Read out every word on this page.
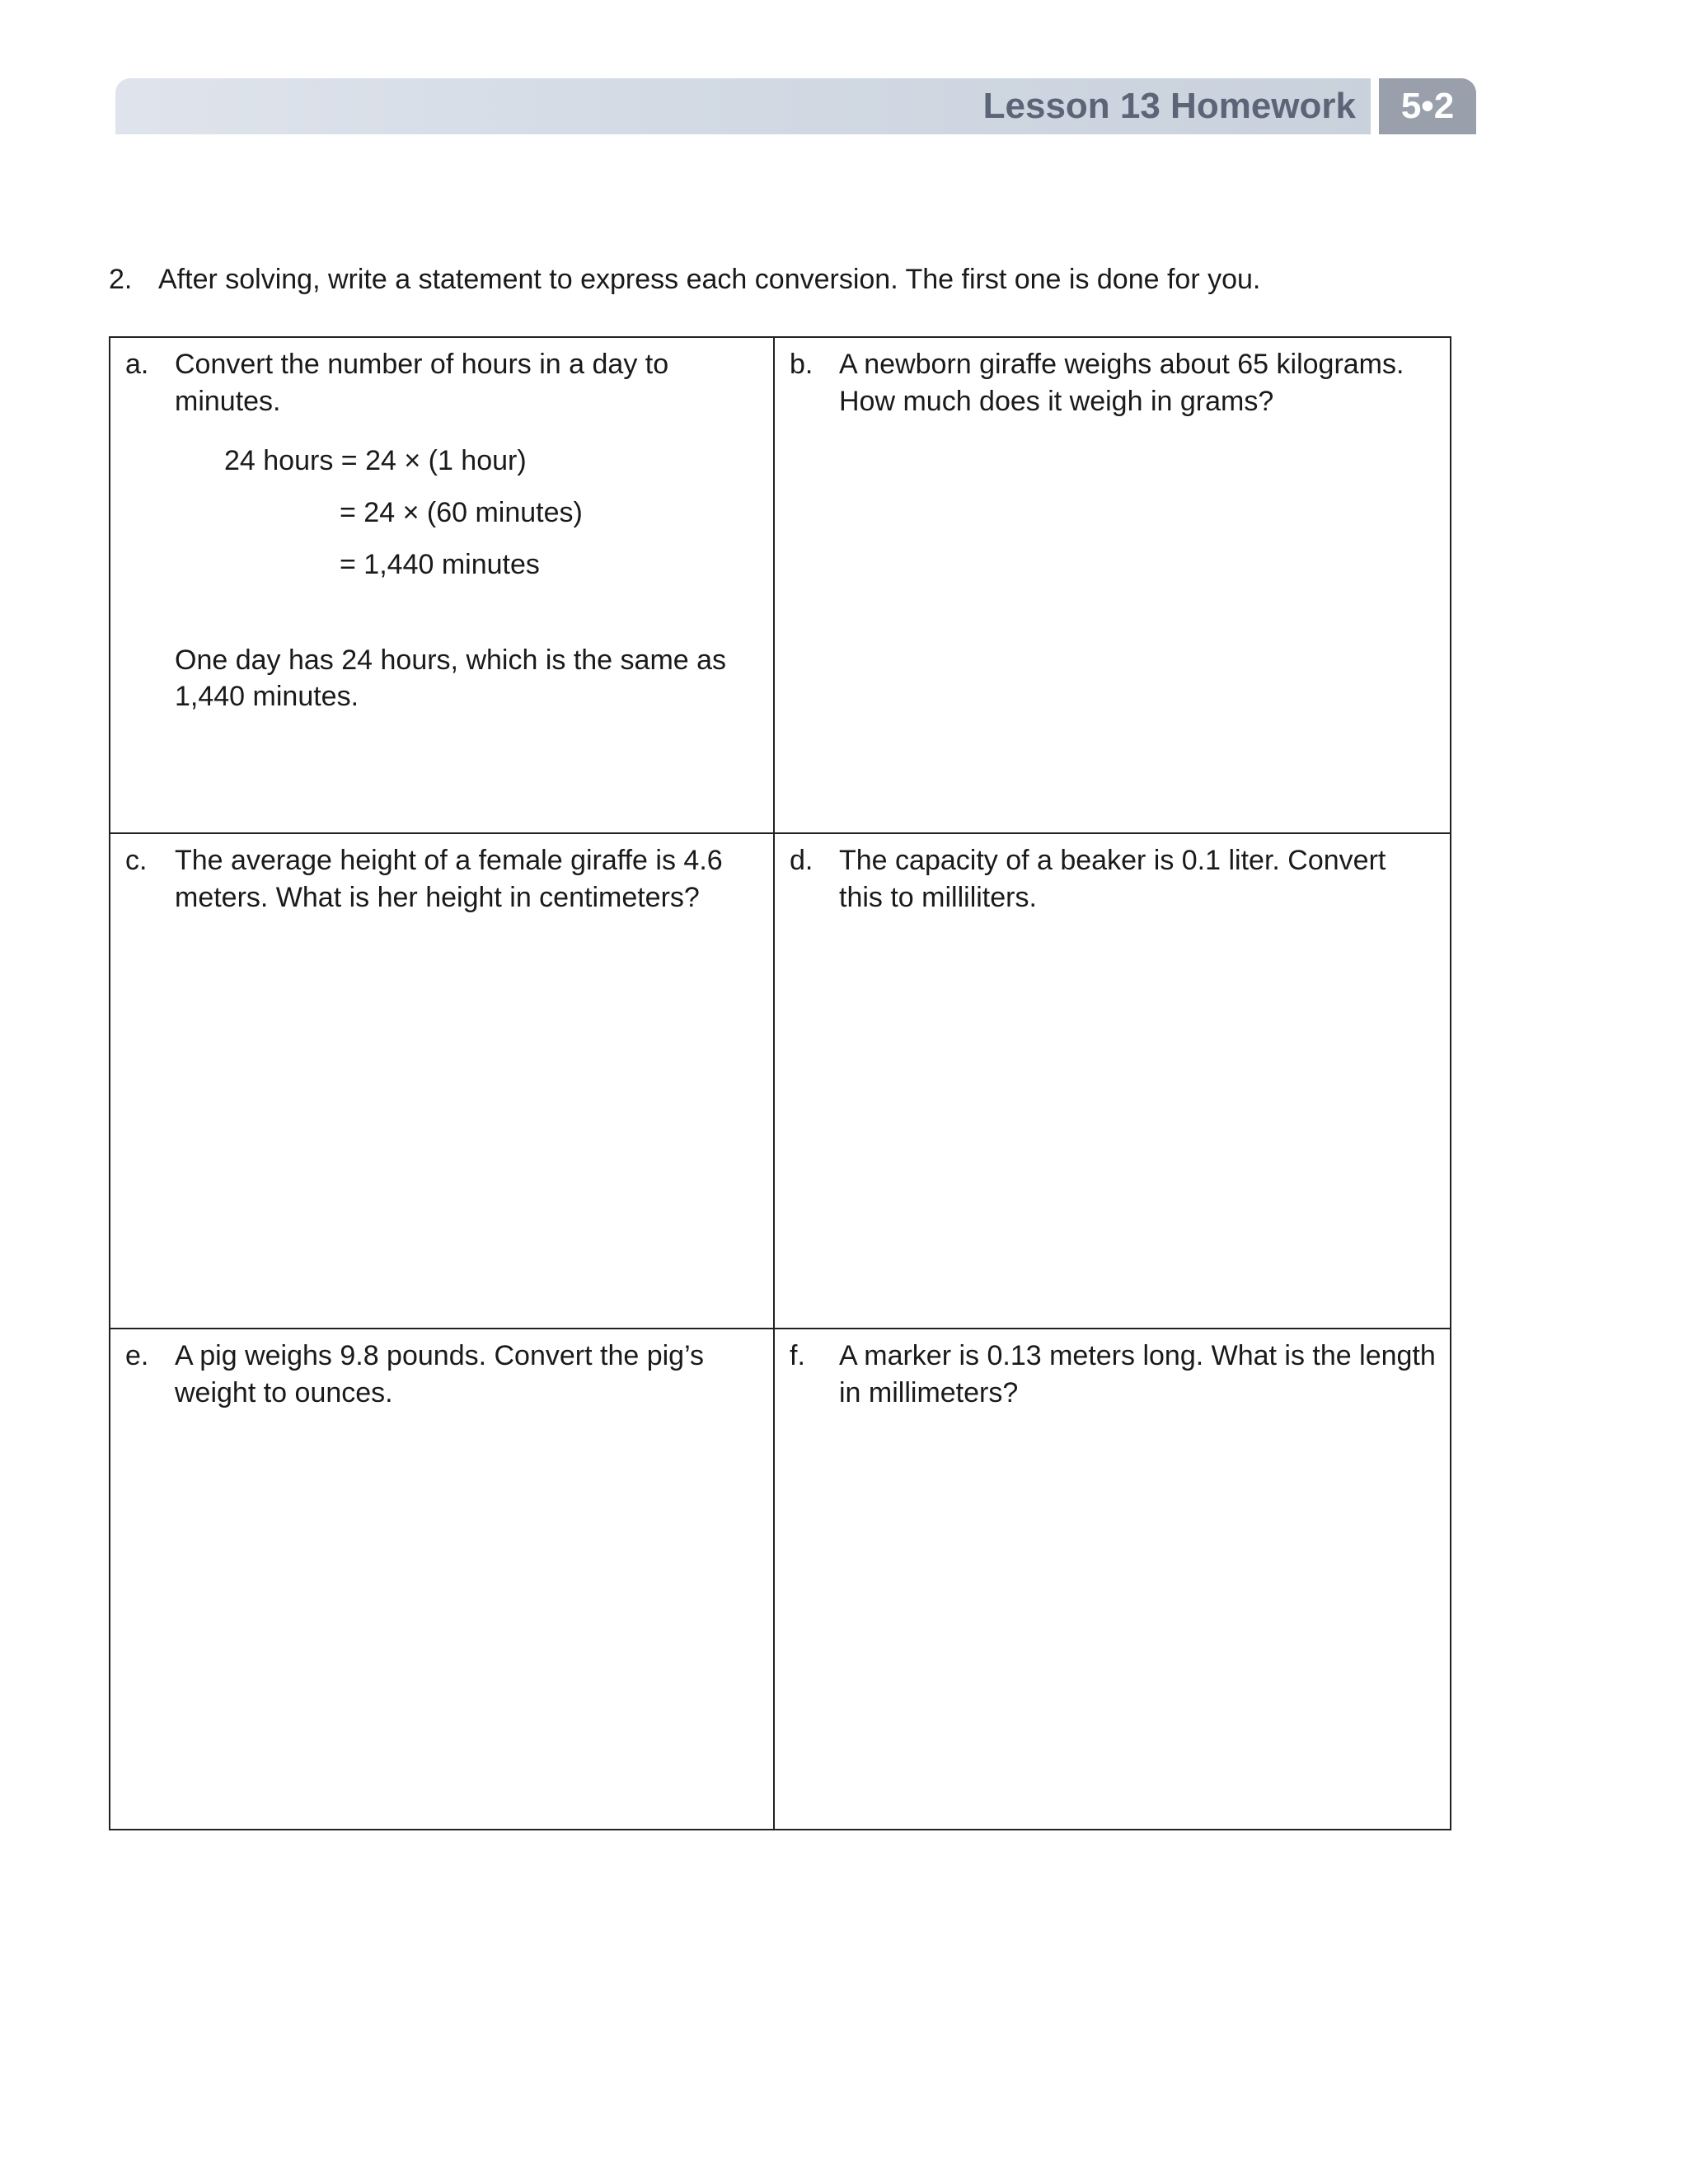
Lesson 13 Homework	5•2
2. After solving, write a statement to express each conversion. The first one is done for you.
a. Convert the number of hours in a day to minutes.
24 hours = 24 × (1 hour)
= 24 × (60 minutes)
= 1,440 minutes
One day has 24 hours, which is the same as 1,440 minutes.
b. A newborn giraffe weighs about 65 kilograms. How much does it weigh in grams?
c. The average height of a female giraffe is 4.6 meters. What is her height in centimeters?
d. The capacity of a beaker is 0.1 liter. Convert this to milliliters.
e. A pig weighs 9.8 pounds. Convert the pig’s weight to ounces.
f. A marker is 0.13 meters long. What is the length in millimeters?
